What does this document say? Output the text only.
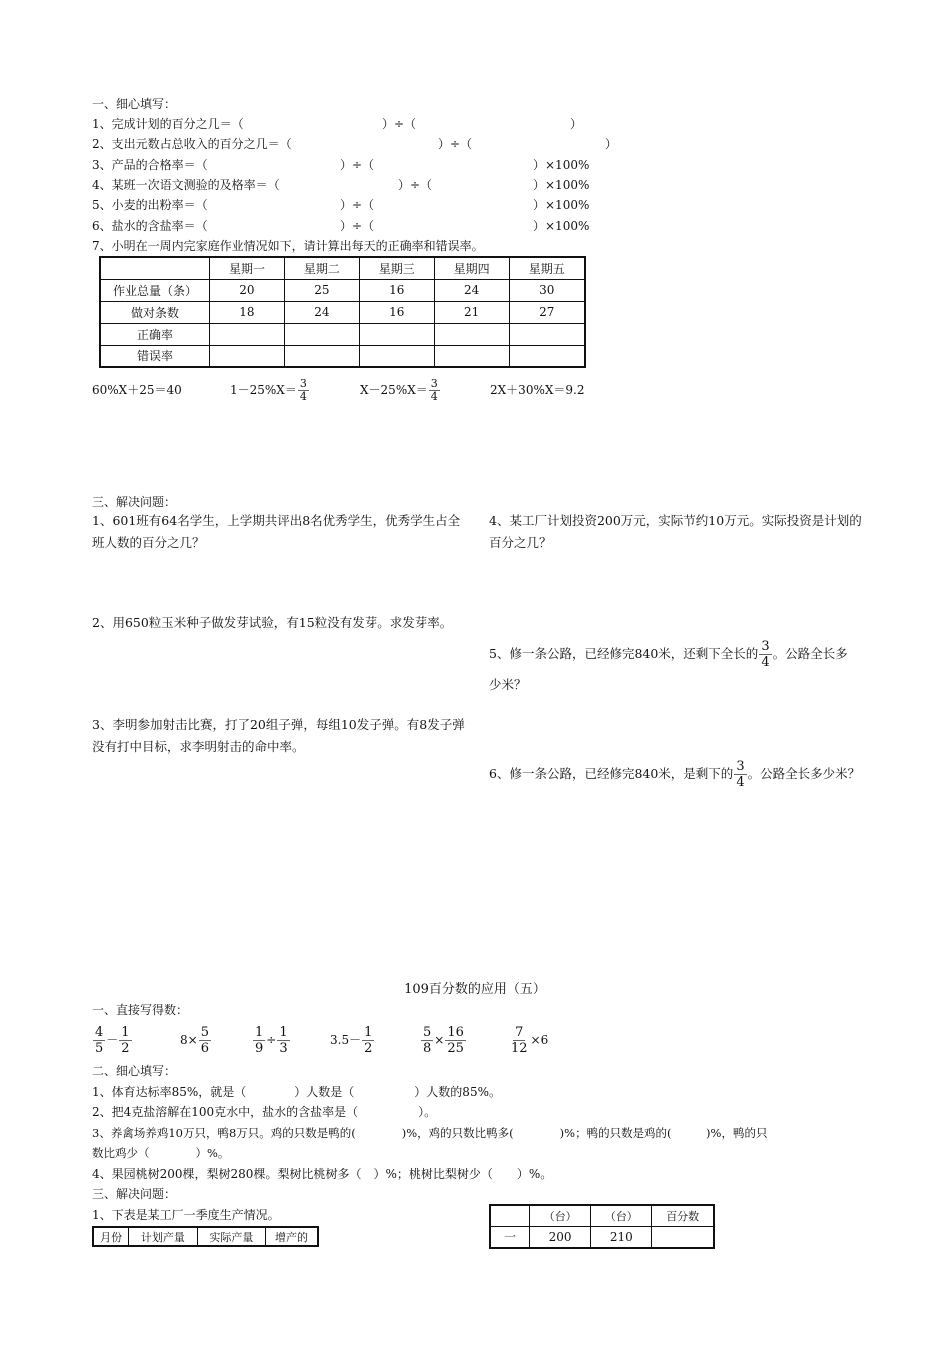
一、细心填写：
1、完成计划的百分之几＝（	）÷（	）
2、支出元数占总收入的百分之几＝（	）÷（	）
3、产品的合格率＝（	）÷（	）×100%
4、某班一次语文测验的及格率＝（	）÷（	）×100%
5、小麦的出粉率＝（	）÷（	）×100%
6、盐水的含盐率＝（	）÷（	）×100%
7、小明在一周内完家庭作业情况如下，请计算出每天的正确率和错误率。
	星期一	星期二	星期三	星期四	星期五
作业总量（条）	20	25	16	24	30
做对条数	18	24	16	21	27
正确率					
错误率					
60%X＋25＝40	$1-25\%X= \frac{3}{4}$	$X-25\%X= \frac{3}{4}$	2X＋30%X＝9.2
三、解决问题：
1、601班有64名学生，上学期共评出8名优秀学生，优秀学生占全班人数的百分之几？
2、用650粒玉米种子做发芽试验，有15粒没有发芽。求发芽率。
3、李明参加射击比赛，打了20组子弹，每组10发子弹。有8发子弹没有打中目标，求李明射击的命中率。
4、某工厂计划投资200万元，实际节约10万元。实际投资是计划的百分之几？
5、修一条公路，已经修完840米，还剩下全长的 $\frac{3}{4}$ 。公路全长多
少米？
6、修一条公路，已经修完840米，是剩下的 $\frac{3}{4}$ 。公路全长多少米？
109百分数的应用（五）
一、直接写得数：
$\frac{4}{5} - \frac{1}{2}$	$8\times \frac{5}{6}$	$\frac{1}{9} \div \frac{1}{3}$	$3.5- \frac{1}{2}$	$\frac{5}{8} \times \frac{16}{25}$	$\frac{7}{12} \times 6$
二、细心填写：
1、体育达标率85%，就是（　　　　）人数是（　　　　　）人数的85%。
2、把4克盐溶解在100克水中，盐水的含盐率是（　　　　　）。
3、养禽场养鸡10万只，鸭8万只。鸡的只数是鸭的(　　　　)%，鸡的只数比鸭多(　　　　)%；鸭的只数是鸡的(　　　)%，鸭的只
数比鸡少（　　　　）%。
4、果园桃树200棵，梨树280棵。梨树比桃树多（　）%；桃树比梨树少（　　）%。
三、解决问题：
1、下表是某工厂一季度生产情况。
月份	计划产量	实际产量	增产的
	（台）	（台）	百分数
一	200	210	
